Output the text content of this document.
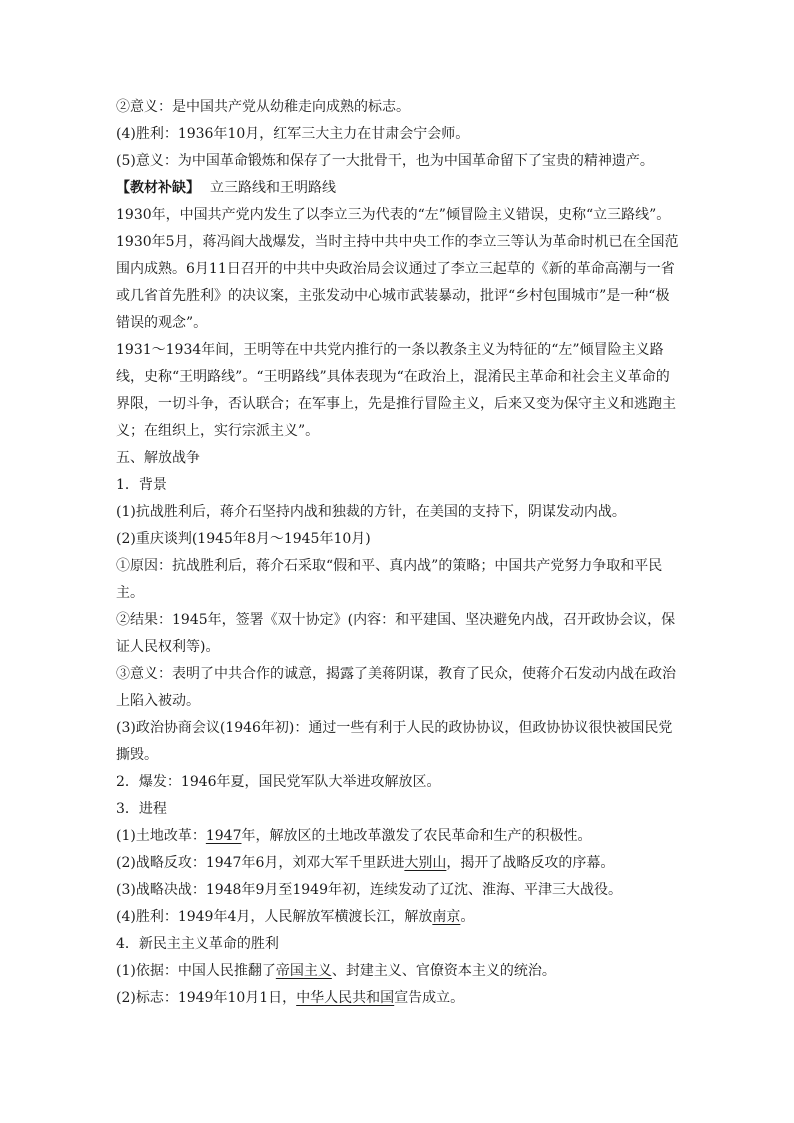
②意义：是中国共产党从幼稚走向成熟的标志。

(4)胜利：1936年10月，红军三大主力在甘肃会宁会师。

(5)意义：为中国革命锻炼和保存了一大批骨干，也为中国革命留下了宝贵的精神遗产。

【教材补缺】 立三路线和王明路线

1930年，中国共产党内发生了以李立三为代表的“左”倾冒险主义错误，史称“立三路线”。

1930年5月，蒋冯阎大战爆发，当时主持中共中央工作的李立三等认为革命时机已在全国范围内成熟。6月11日召开的中共中央政治局会议通过了李立三起草的《新的革命高潮与一省或几省首先胜利》的决议案，主张发动中心城市武装暴动，批评“乡村包围城市”是一种“极错误的观念”。

1931～1934年间，王明等在中共党内推行的一条以教条主义为特征的“左”倾冒险主义路线，史称“王明路线”。“王明路线”具体表现为“在政治上，混淆民主革命和社会主义革命的界限，一切斗争，否认联合；在军事上，先是推行冒险主义，后来又变为保守主义和逃跑主义；在组织上，实行宗派主义”。

五、解放战争

1．背景

(1)抗战胜利后，蒋介石坚持内战和独裁的方针，在美国的支持下，阴谋发动内战。

(2)重庆谈判(1945年8月～1945年10月)

①原因：抗战胜利后，蒋介石采取“假和平、真内战”的策略；中国共产党努力争取和平民主。

②结果：1945年，签署《双十协定》(内容：和平建国、坚决避免内战，召开政协会议，保证人民权利等)。

③意义：表明了中共合作的诚意，揭露了美蒋阴谋，教育了民众，使蒋介石发动内战在政治上陷入被动。

(3)政治协商会议(1946年初)：通过一些有利于人民的政协协议，但政协协议很快被国民党撕毁。

2．爆发：1946年夏，国民党军队大举进攻解放区。

3．进程

(1)土地改革：1947年，解放区的土地改革激发了农民革命和生产的积极性。

(2)战略反攻：1947年6月，刘邓大军千里跃进大别山，揭开了战略反攻的序幕。

(3)战略决战：1948年9月至1949年初，连续发动了辽沈、淮海、平津三大战役。

(4)胜利：1949年4月，人民解放军横渡长江，解放南京。

4．新民主主义革命的胜利

(1)依据：中国人民推翻了帝国主义、封建主义、官僚资本主义的统治。

(2)标志：1949年10月1日，中华人民共和国宣告成立。
